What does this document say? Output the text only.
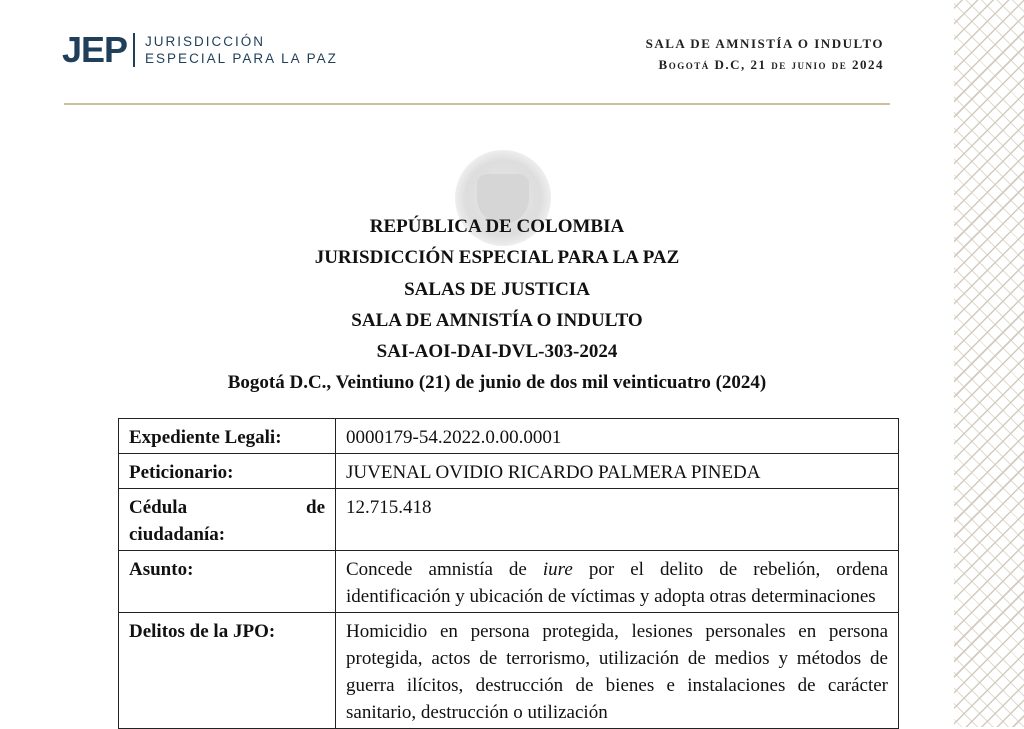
JEP JURISDICCIÓN
ESPECIAL PARA LA PAZ
SALA DE AMNISTÍA O INDULTO
Bogotá D.C, 21 de junio de 2024
REPÚBLICA DE COLOMBIA
JURISDICCIÓN ESPECIAL PARA LA PAZ
SALAS DE JUSTICIA
SALA DE AMNISTÍA O INDULTO
SAI-AOI-DAI-DVL-303-2024
Bogotá D.C., Veintiuno (21) de junio de dos mil veinticuatro (2024)
Expediente Legali:	0000179-54.2022.0.00.0001
Peticionario:	JUVENAL OVIDIO RICARDO PALMERA PINEDA

Cédula de
ciudadanía:	12.715.418
Asunto:	Concede amnistía de iure por el delito de rebelión, ordena identificación y ubicación de víctimas y adopta otras determinaciones
Delitos de la JPO:	Homicidio en persona protegida, lesiones personales en persona protegida, actos de terrorismo, utilización de medios y métodos de guerra ilícitos, destrucción de bienes e instalaciones de carácter sanitario, destrucción o utilización
